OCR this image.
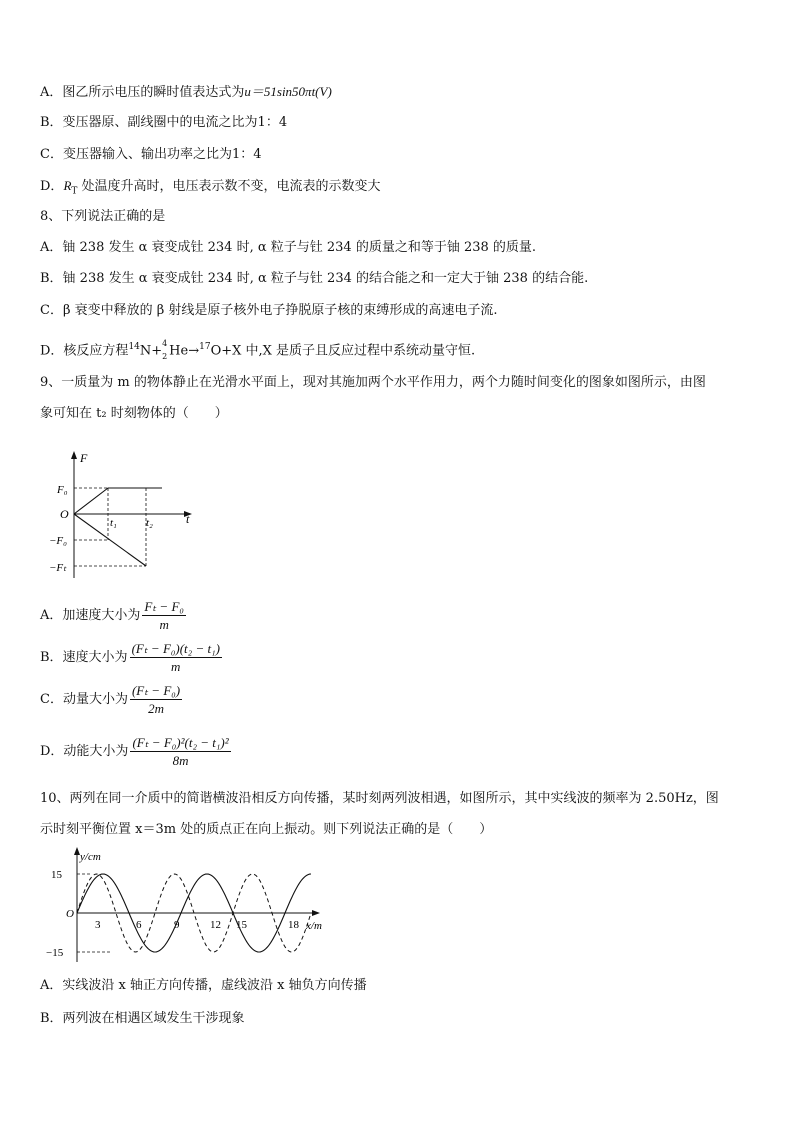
A．图乙所示电压的瞬时值表达式为u＝51sin50πt(V)
B．变压器原、副线圈中的电流之比为1：4
C．变压器输入、输出功率之比为1：4
D．$R_T$ 处温度升高时，电压表示数不变，电流表的示数变大
8、下列说法正确的是
A．铀 238 发生 α 衰变成钍 234 时, α 粒子与钍 234 的质量之和等于铀 238 的质量.
B．铀 238 发生 α 衰变成钍 234 时, α 粒子与钍 234 的结合能之和一定大于铀 238 的结合能.
C．β 衰变中释放的 β 射线是原子核外电子挣脱原子核的束缚形成的高速电子流.
D．核反应方程$^{14}$N+ 4
2 He→$^{17}$O+X 中,X 是质子且反应过程中系统动量守恒.
9、一质量为 m 的物体静止在光滑水平面上，现对其施加两个水平作用力，两个力随时间变化的图象如图所示，由图
象可知在 t₂ 时刻物体的（　　）
F
t
O
F₀
−F₀
−Fₜ
t₁	t₂
A．加速度大小为 $\frac{\text{Fₜ − F₀}}{m}$
B．速度大小为 $\frac{\text{(Fₜ − F₀)(t₂ − t₁)}}{m}$
C．动量大小为 $\frac{\text{(Fₜ − F₀)}}{2m}$
D．动能大小为 $\frac{\text{(Fₜ − F₀)²(t₂ − t₁)²}}{8m}$
10、两列在同一介质中的简谐横波沿相反方向传播，某时刻两列波相遇，如图所示，其中实线波的频率为 2.50Hz，图
示时刻平衡位置 x＝3m 处的质点正在向上振动。则下列说法正确的是（　　）
y/cm
x/m
O
15
−15
3	6	9	12 15	18
A．实线波沿 x 轴正方向传播，虚线波沿 x 轴负方向传播
B．两列波在相遇区域发生干涉现象
